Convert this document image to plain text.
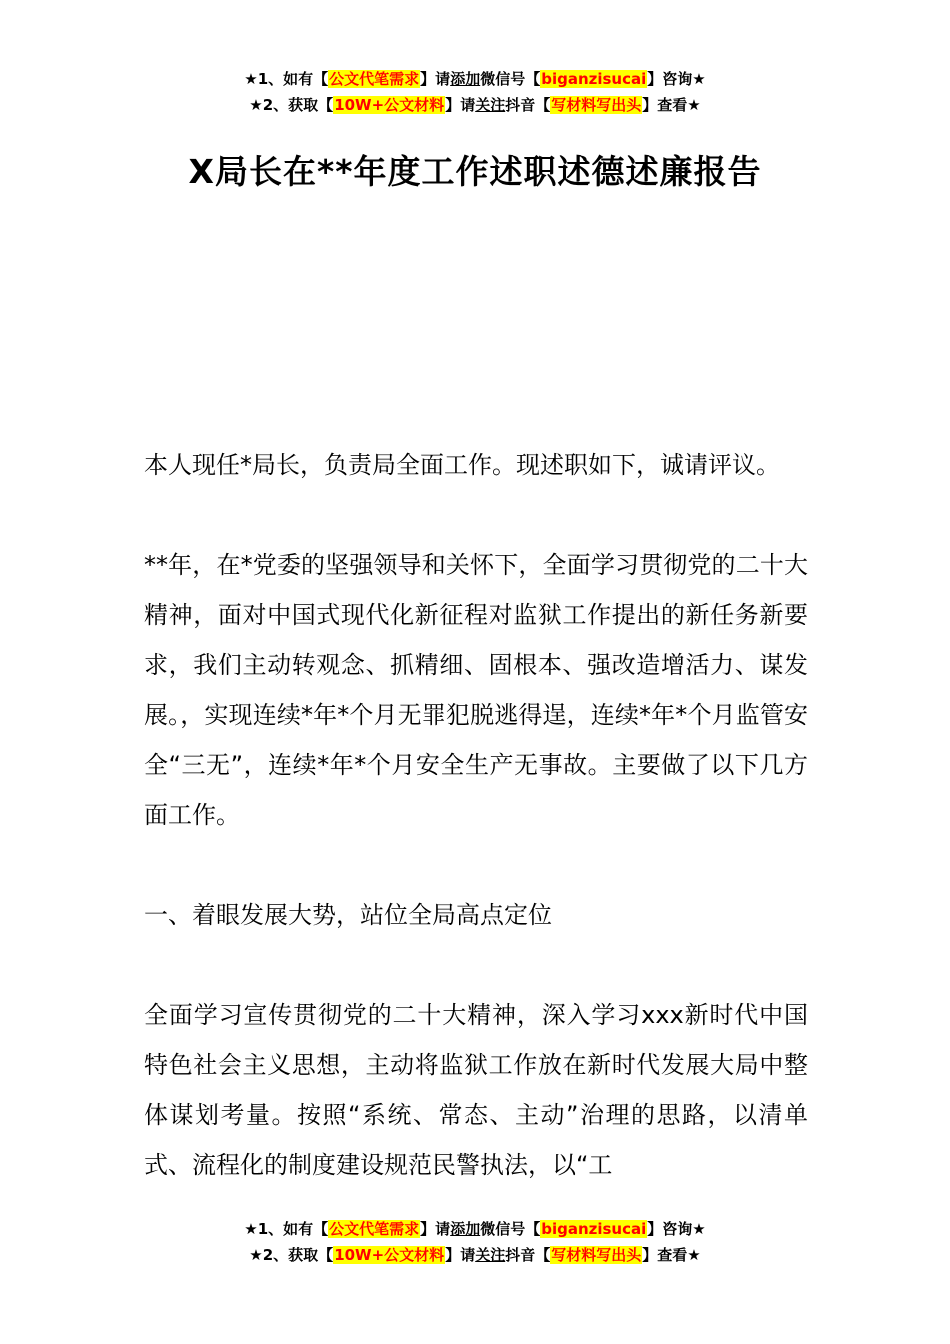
★1、如有【公文代笔需求】请添加微信号【biganzisucai】咨询★
★2、获取【10W+公文材料】请关注抖音【写材料写出头】查看★
X局长在**年度工作述职述德述廉报告

本人现任*局长，负责局全面工作。现述职如下，诚请评议。

**年，在*党委的坚强领导和关怀下，全面学习贯彻党的二十大精神，面对中国式现代化新征程对监狱工作提出的新任务新要求，我们主动转观念、抓精细、固根本、强改造增活力、谋发展。，实现连续*年*个月无罪犯脱逃得逞，连续*年*个月监管安全“三无”，连续*年*个月安全生产无事故。主要做了以下几方面工作。

一、着眼发展大势，站位全局高点定位

全面学习宣传贯彻党的二十大精神，深入学习xxx新时代中国特色社会主义思想，主动将监狱工作放在新时代发展大局中整体谋划考量。按照“系统、常态、主动”治理的思路，以清单式、流程化的制度建设规范民警执法，以“工

★1、如有【公文代笔需求】请添加微信号【biganzisucai】咨询★
★2、获取【10W+公文材料】请关注抖音【写材料写出头】查看★
